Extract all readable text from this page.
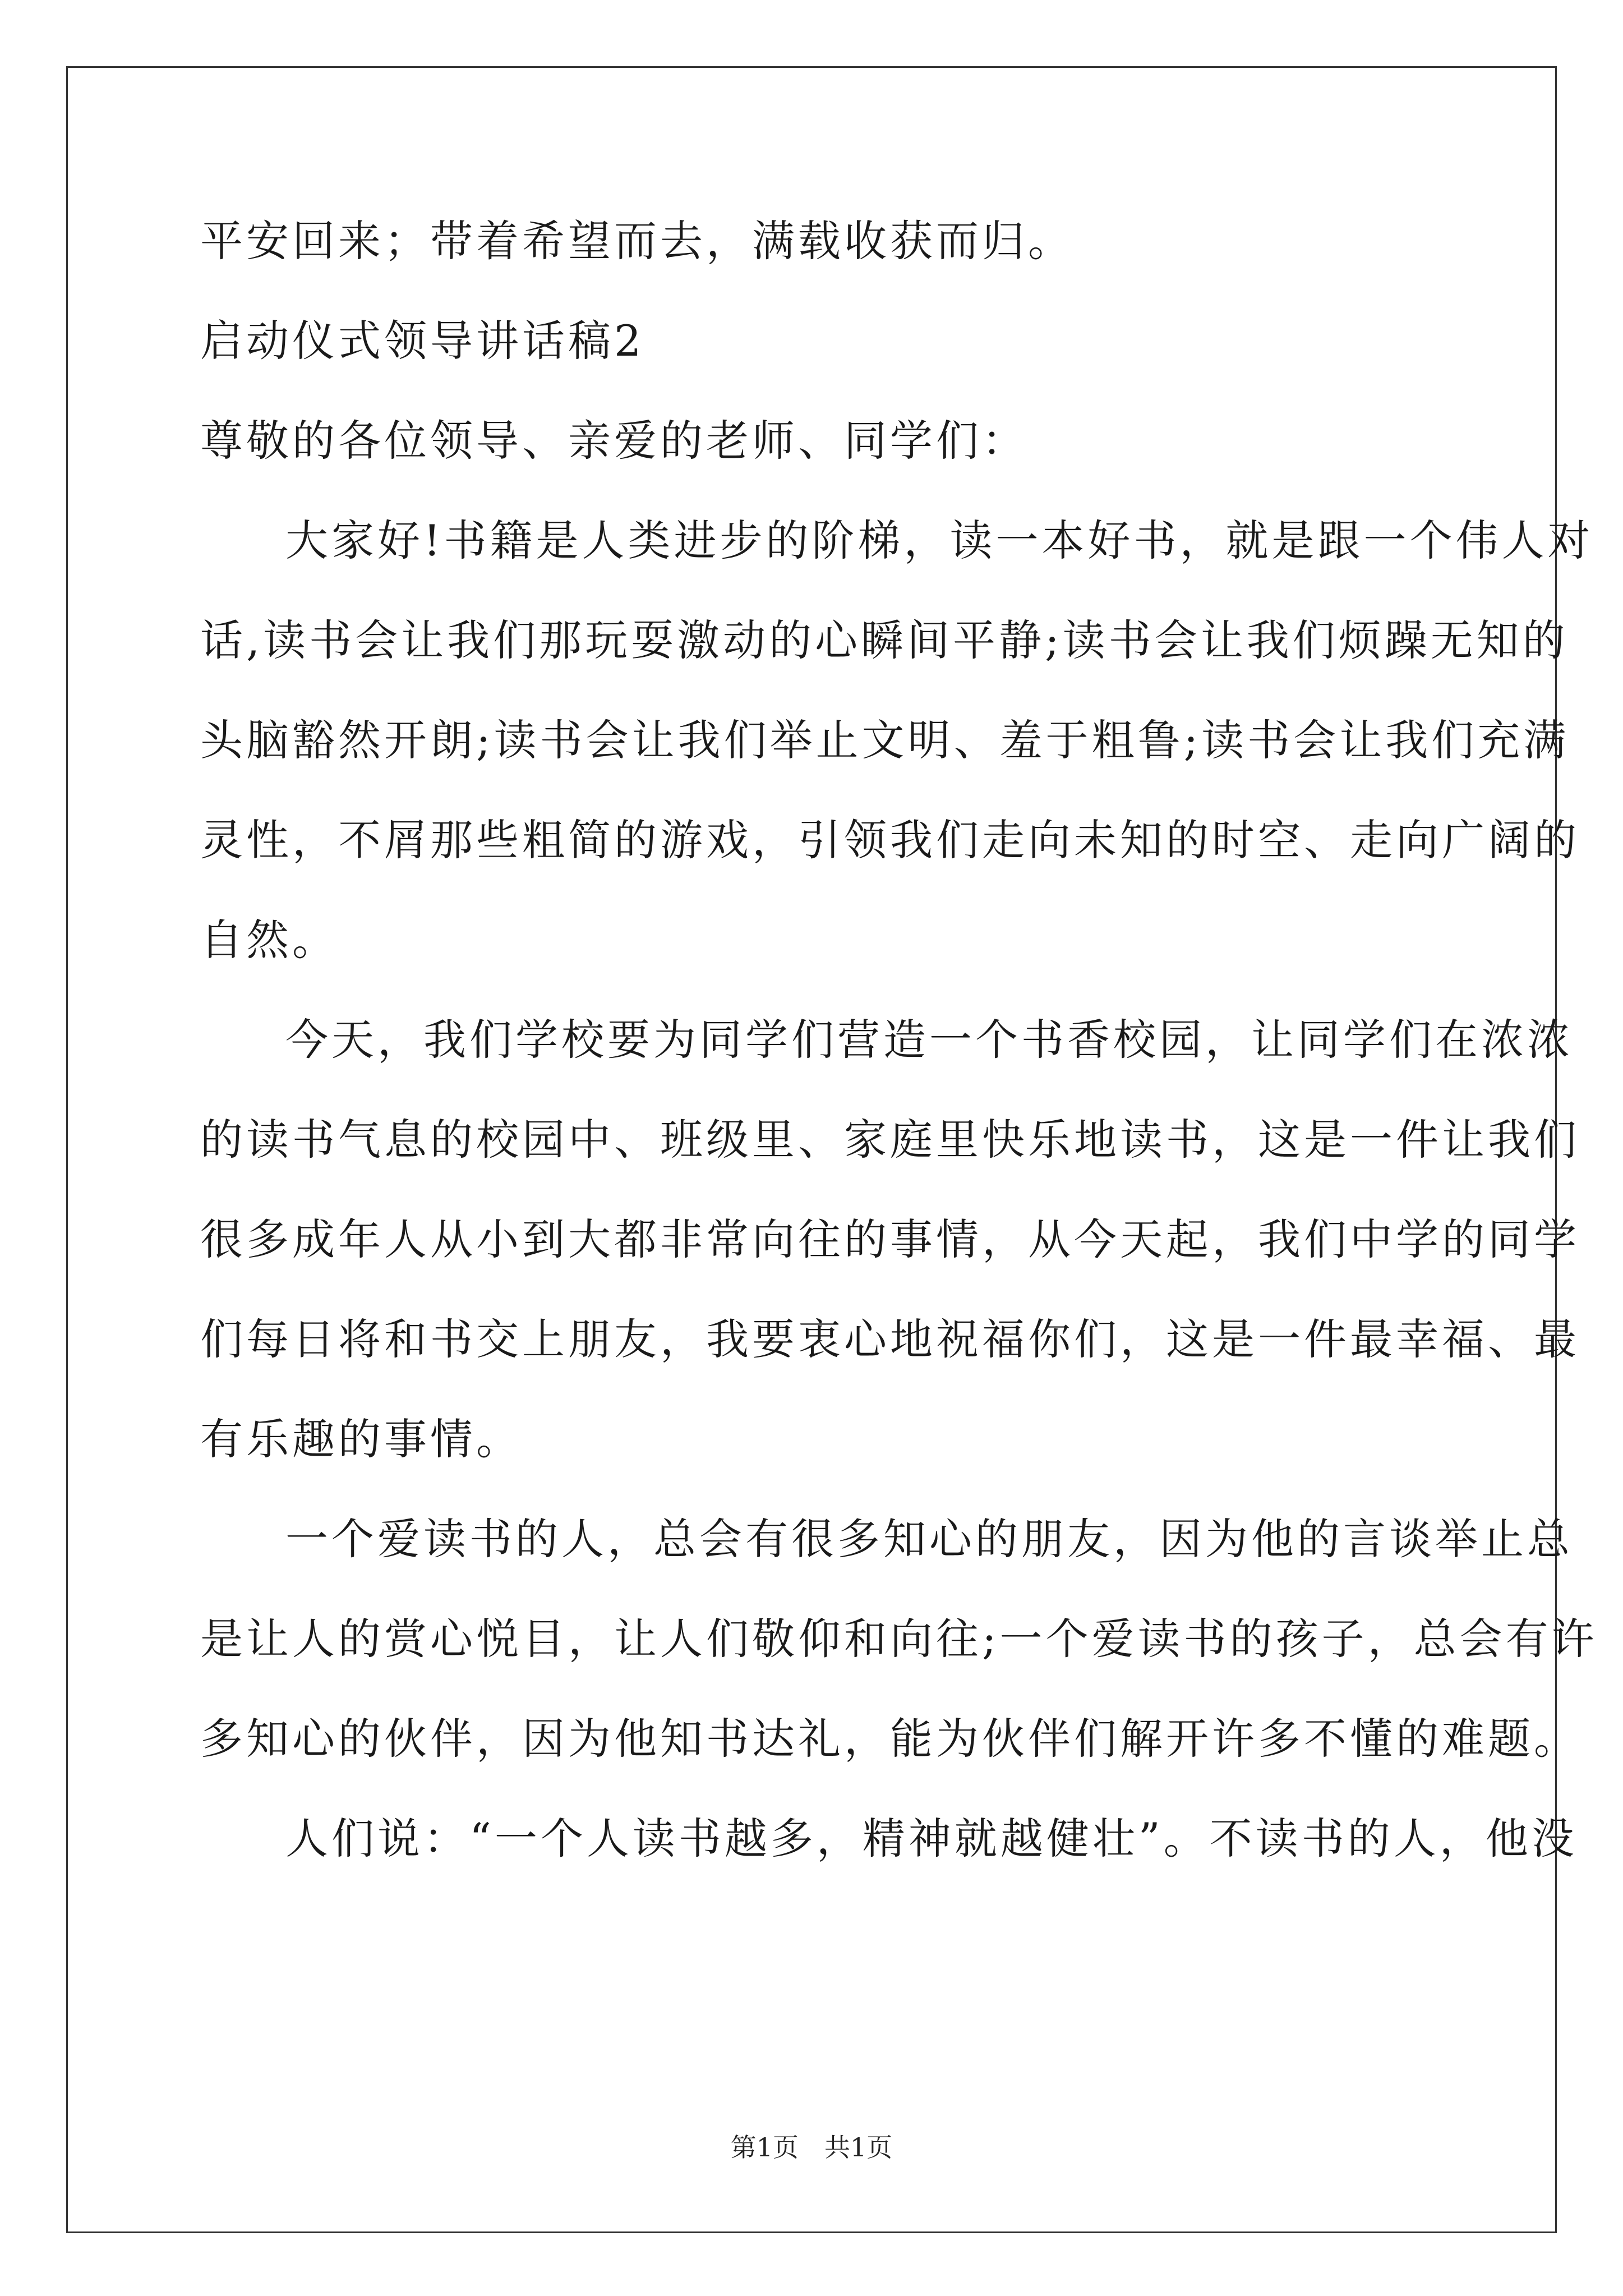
平安回来；带着希望而去，满载收获而归。
启动仪式领导讲话稿2
尊敬的各位领导、亲爱的老师、同学们：
大 家 好 ! 书 籍 是 人 类 进 步 的 阶 梯 ， 读 一 本 好 书 ， 就 是 跟 一 个 伟 人 对
话 , 读 书 会 让 我 们 那 玩 耍 激 动 的 心 瞬 间 平 静 ; 读 书 会 让 我 们 烦 躁 无 知 的
头 脑 豁 然 开 朗 ; 读 书 会 让 我 们 举 止 文 明 、 羞 于 粗 鲁 ; 读 书 会 让 我 们 充 满
灵 性 ， 不 屑 那 些 粗 简 的 游 戏 ， 引 领 我 们 走 向 未 知 的 时 空 、 走 向 广 阔 的
自然。
今 天 ， 我 们 学 校 要 为 同 学 们 营 造 一 个 书 香 校 园 ， 让 同 学 们 在 浓 浓
的 读 书 气 息 的 校 园 中 、 班 级 里 、 家 庭 里 快 乐 地 读 书 ， 这 是 一 件 让 我 们
很 多 成 年 人 从 小 到 大 都 非 常 向 往 的 事 情 ， 从 今 天 起 ， 我 们 中 学 的 同 学
们 每 日 将 和 书 交 上 朋 友 ， 我 要 衷 心 地 祝 福 你 们 ， 这 是 一 件 最 幸 福 、 最
有乐趣的事情。
一 个 爱 读 书 的 人 ， 总 会 有 很 多 知 心 的 朋 友 ， 因 为 他 的 言 谈 举 止 总
是 让 人 的 赏 心 悦 目 ， 让 人 们 敬 仰 和 向 往 ; 一 个 爱 读 书 的 孩 子 ， 总 会 有 许
多 知 心 的 伙 伴 ， 因 为 他 知 书 达 礼 ， 能 为 伙 伴 们 解 开 许 多 不 懂 的 难 题 。
人 们 说 ： “ 一 个 人 读 书 越 多 ， 精 神 就 越 健 壮 ” 。 不 读 书 的 人 ， 他 没
第1页　共1页
